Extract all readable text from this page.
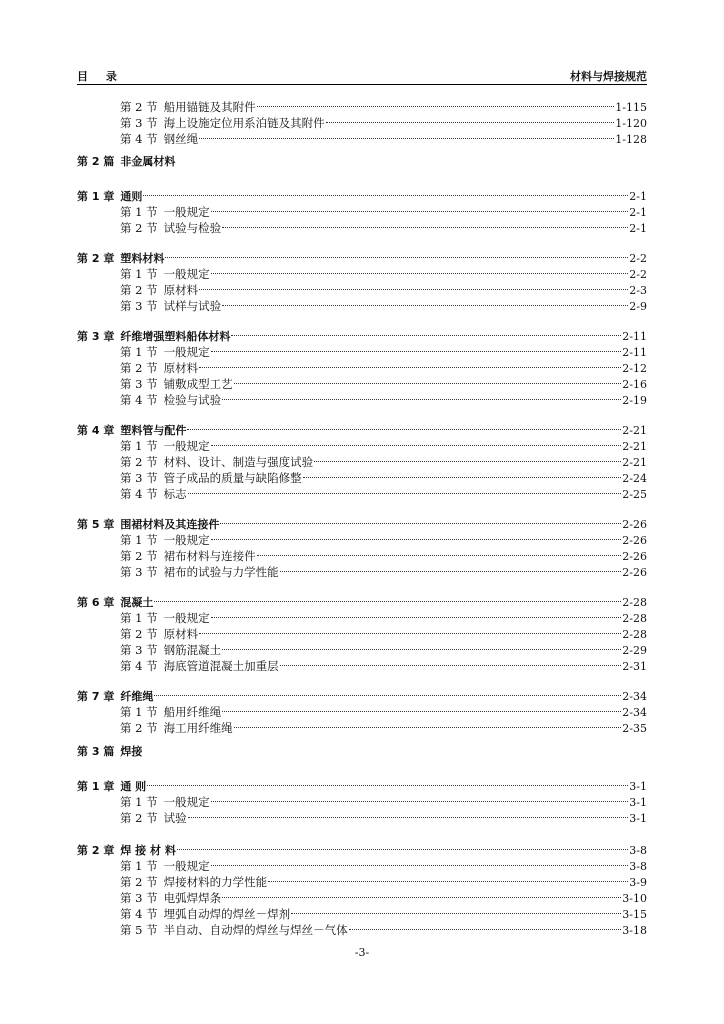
目 录	材料与焊接规范
第 2 节 船用锚链及其附件	1-115
第 3 节 海上设施定位用系泊链及其附件	1-120
第 4 节 钢丝绳	1-128
第 2 篇 非金属材料
第 1 章 通则	2-1
第 1 节 一般规定	2-1
第 2 节 试验与检验	2-1
第 2 章 塑料材料	2-2
第 1 节 一般规定	2-2
第 2 节 原材料	2-3
第 3 节 试样与试验	2-9
第 3 章 纤维增强塑料船体材料	2-11
第 1 节 一般规定	2-11
第 2 节 原材料	2-12
第 3 节 铺敷成型工艺	2-16
第 4 节 检验与试验	2-19
第 4 章 塑料管与配件	2-21
第 1 节 一般规定	2-21
第 2 节 材料、设计、制造与强度试验	2-21
第 3 节 管子成品的质量与缺陷修整	2-24
第 4 节 标志	2-25
第 5 章 围裙材料及其连接件	2-26
第 1 节 一般规定	2-26
第 2 节 裙布材料与连接件	2-26
第 3 节 裙布的试验与力学性能	2-26
第 6 章 混凝土	2-28
第 1 节 一般规定	2-28
第 2 节 原材料	2-28
第 3 节 钢筋混凝土	2-29
第 4 节 海底管道混凝土加重层	2-31
第 7 章 纤维绳	2-34
第 1 节 船用纤维绳	2-34
第 2 节 海工用纤维绳	2-35
第 3 篇 焊接
第 1 章 通 则	3-1
第 1 节 一般规定	3-1
第 2 节 试验	3-1
第 2 章 焊 接 材 料	3-8
第 1 节 一般规定	3-8
第 2 节 焊接材料的力学性能	3-9
第 3 节 电弧焊焊条	3-10
第 4 节 埋弧自动焊的焊丝－焊剂	3-15
第 5 节 半自动、自动焊的焊丝与焊丝－气体	3-18
-3-
